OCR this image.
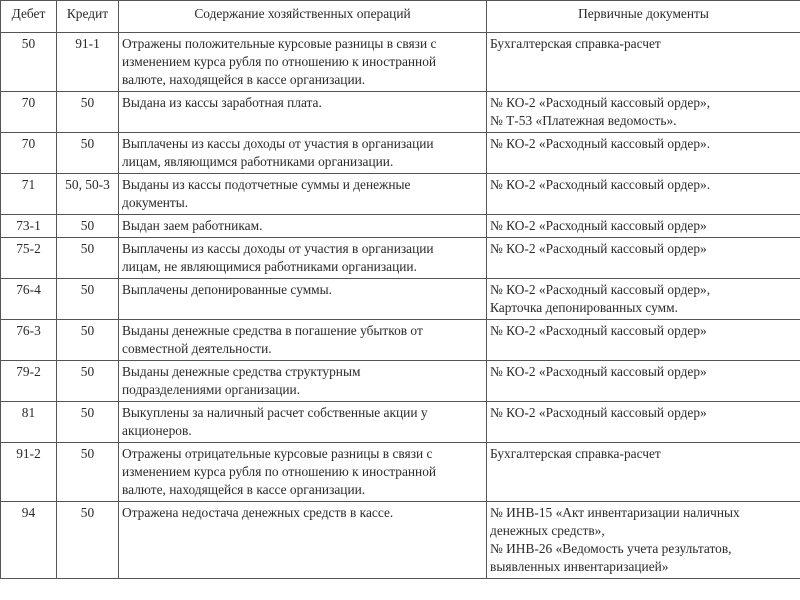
Дебет	Кредит	Содержание хозяйственных операций	Первичные документы
50	91-1	Отражены положительные курсовые разницы в связи с
изменением курса рубля по отношению к иностранной
валюте, находящейся в кассе организации.	Бухгалтерская справка-расчет

70	50	Выдана из кассы заработная плата.	№ КО-2 «Расходный кассовый ордер»,
№ Т-53 «Платежная ведомость».

70	50	Выплачены из кассы доходы от участия в организации
лицам, являющимся работниками организации.	№ КО-2 «Расходный кассовый ордер».

71	50, 50-3	Выданы из кассы подотчетные суммы и денежные
документы.	№ КО-2 «Расходный кассовый ордер».

73-1	50	Выдан заем работникам.	№ КО-2 «Расходный кассовый ордер»

75-2	50	Выплачены из кассы доходы от участия в организации
лицам, не являющимися работниками организации.	№ КО-2 «Расходный кассовый ордер»

76-4	50	Выплачены депонированные суммы.	№ КО-2 «Расходный кассовый ордер»,
Карточка депонированных сумм.

76-3	50	Выданы денежные средства в погашение убытков от
совместной деятельности.	№ КО-2 «Расходный кассовый ордер»

79-2	50	Выданы денежные средства структурным
подразделениями организации.	№ КО-2 «Расходный кассовый ордер»

81	50	Выкуплены за наличный расчет собственные акции у
акционеров.	№ КО-2 «Расходный кассовый ордер»

91-2	50	Отражены отрицательные курсовые разницы в связи с
изменением курса рубля по отношению к иностранной
валюте, находящейся в кассе организации.	Бухгалтерская справка-расчет

94	50	Отражена недостача денежных средств в кассе.	№ ИНВ-15 «Акт инвентаризации наличных
денежных средств»,
№ ИНВ-26 «Ведомость учета результатов,
выявленных инвентаризацией»
